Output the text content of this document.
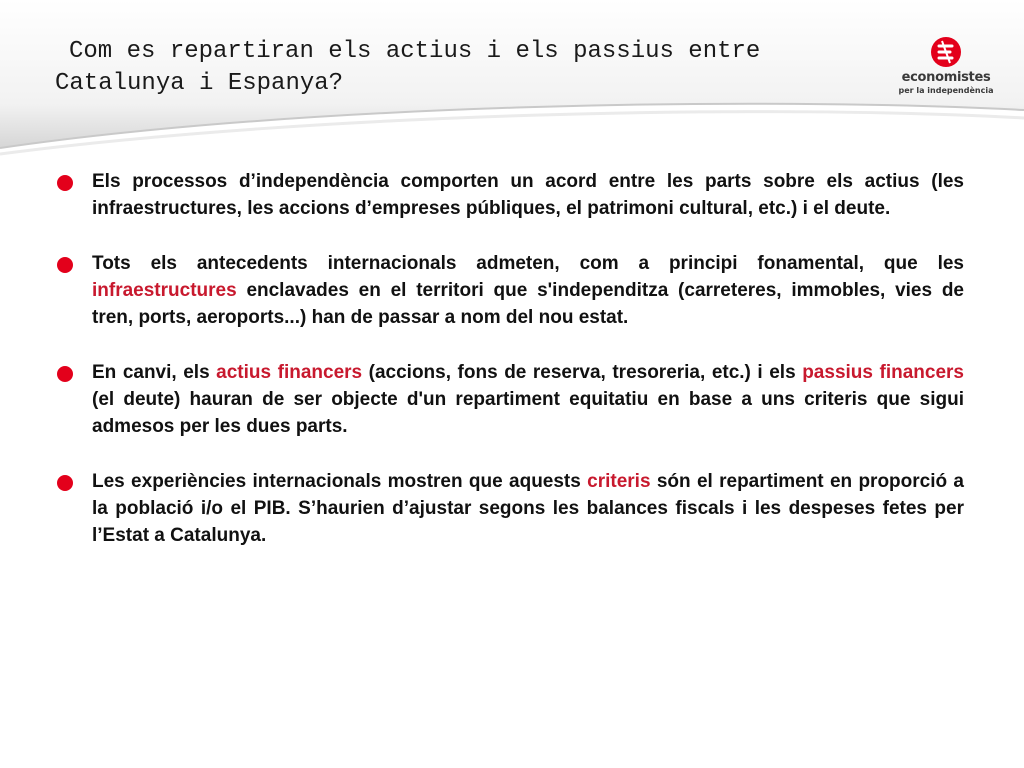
Com es repartiran els actius i els passius entre
Catalunya i Espanya?	economistes
per la independència

Els processos d’independència comporten un acord entre les parts sobre els actius (les infraestructures, les accions d’empreses públiques, el patrimoni cultural, etc.) i el deute.

Tots els antecedents internacionals admeten, com a principi fonamental, que les infraestructures enclavades en el territori que s'independitza (carreteres, immobles, vies de tren, ports, aeroports...) han de passar a nom del nou estat.

En canvi, els actius financers (accions, fons de reserva, tresoreria, etc.) i els passius financers (el deute) hauran de ser objecte d'un repartiment equitatiu en base a uns criteris que sigui admesos per les dues parts.

Les experiències internacionals mostren que aquests criteris són el repartiment en proporció a la població i/o el PIB. S’haurien d’ajustar segons les balances fiscals i les despeses fetes per l’Estat a Catalunya.
